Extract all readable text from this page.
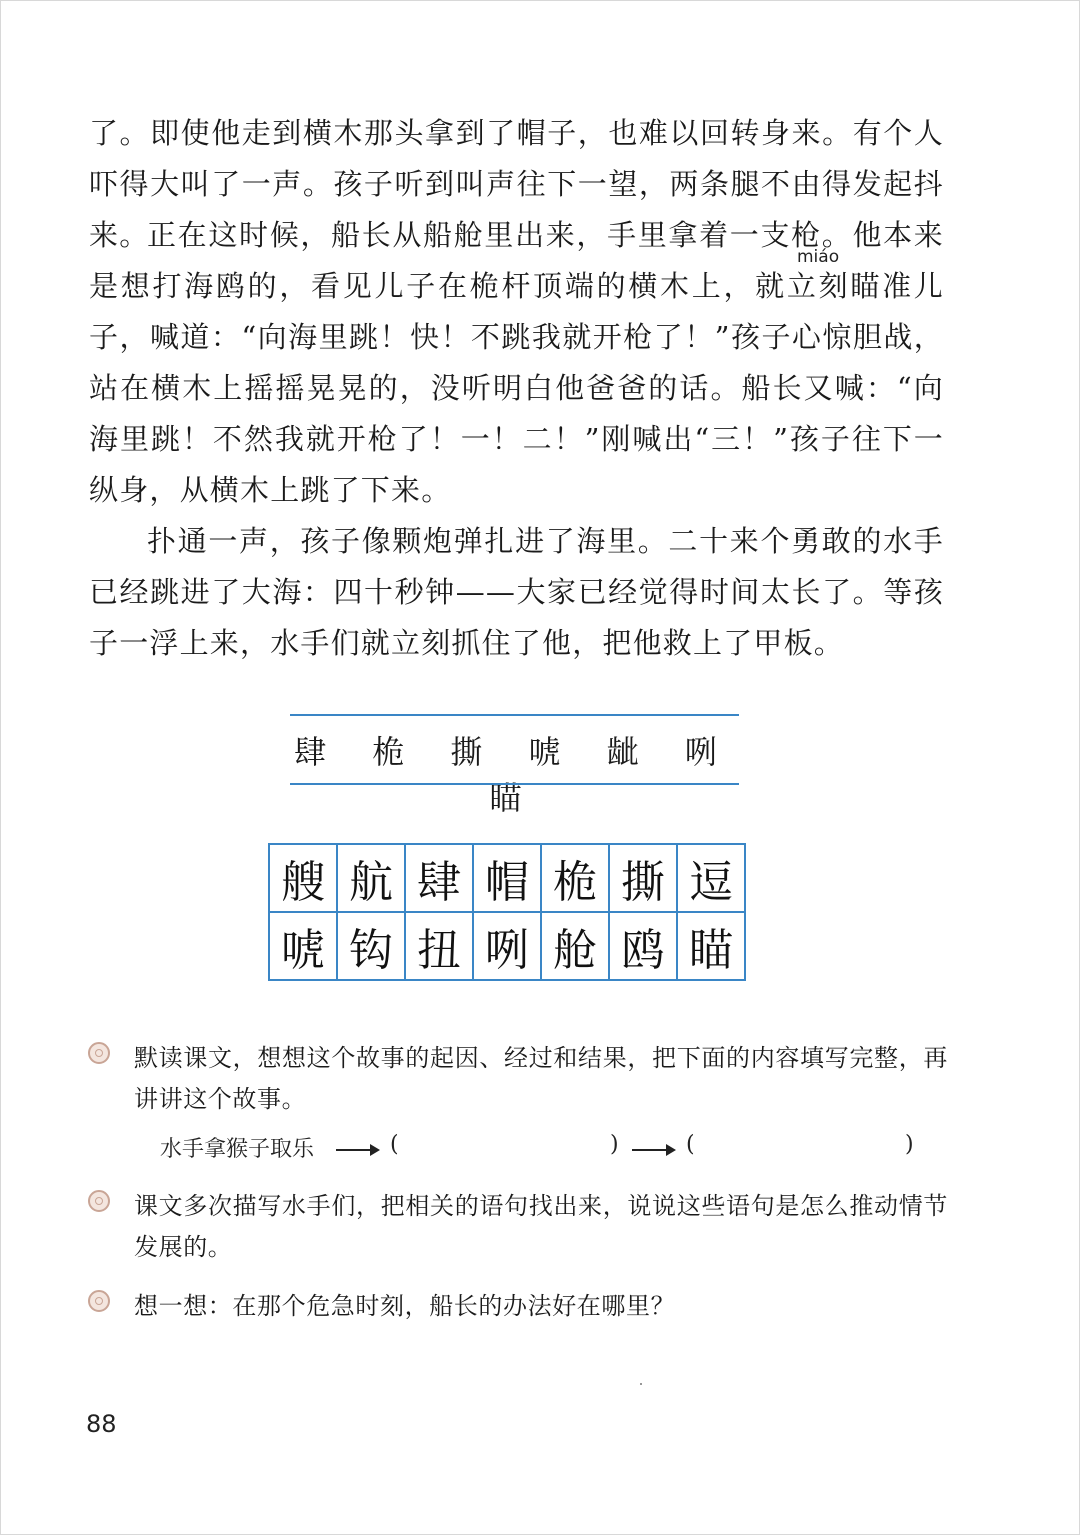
了。即使他走到横木那头拿到了帽子，也难以回转身来。有个人吓得大叫了一声。孩子听到叫声往下一望，两条腿不由得发起抖来。

正在这时候，船长从船舱里出来，手里拿着一支枪。他本来是想打海鸥的，看见儿子在桅杆顶端的横木上，就立刻瞄准儿子，喊道：“向海里跳！快！不跳我就开枪了！”孩子心惊胆战，站在横木上摇摇晃晃的，没听明白他爸爸的话。船长又喊：“向海里跳！不然我就开枪了！一！二！”刚喊出“三！”孩子往下一纵身，从横木上跳了下来。

miáo

扑通一声，孩子像颗炮弹扎进了海里。二十来个勇敢的水手已经跳进了大海：四十秒钟——大家已经觉得时间太长了。等孩子一浮上来，水手们就立刻抓住了他，把他救上了甲板。

肆 桅 撕 唬 龇 咧 瞄
艘	航	肆	帽	桅	撕	逗
唬	钩	扭	咧	舱	鸥	瞄

默读课文，想想这个故事的起因、经过和结果，把下面的内容填写完整，再讲讲这个故事。

水手拿猴子取乐	(	)	(	)

课文多次描写水手们，把相关的语句找出来，说说这些语句是怎么推动情节发展的。

想一想：在那个危急时刻，船长的办法好在哪里？

88
